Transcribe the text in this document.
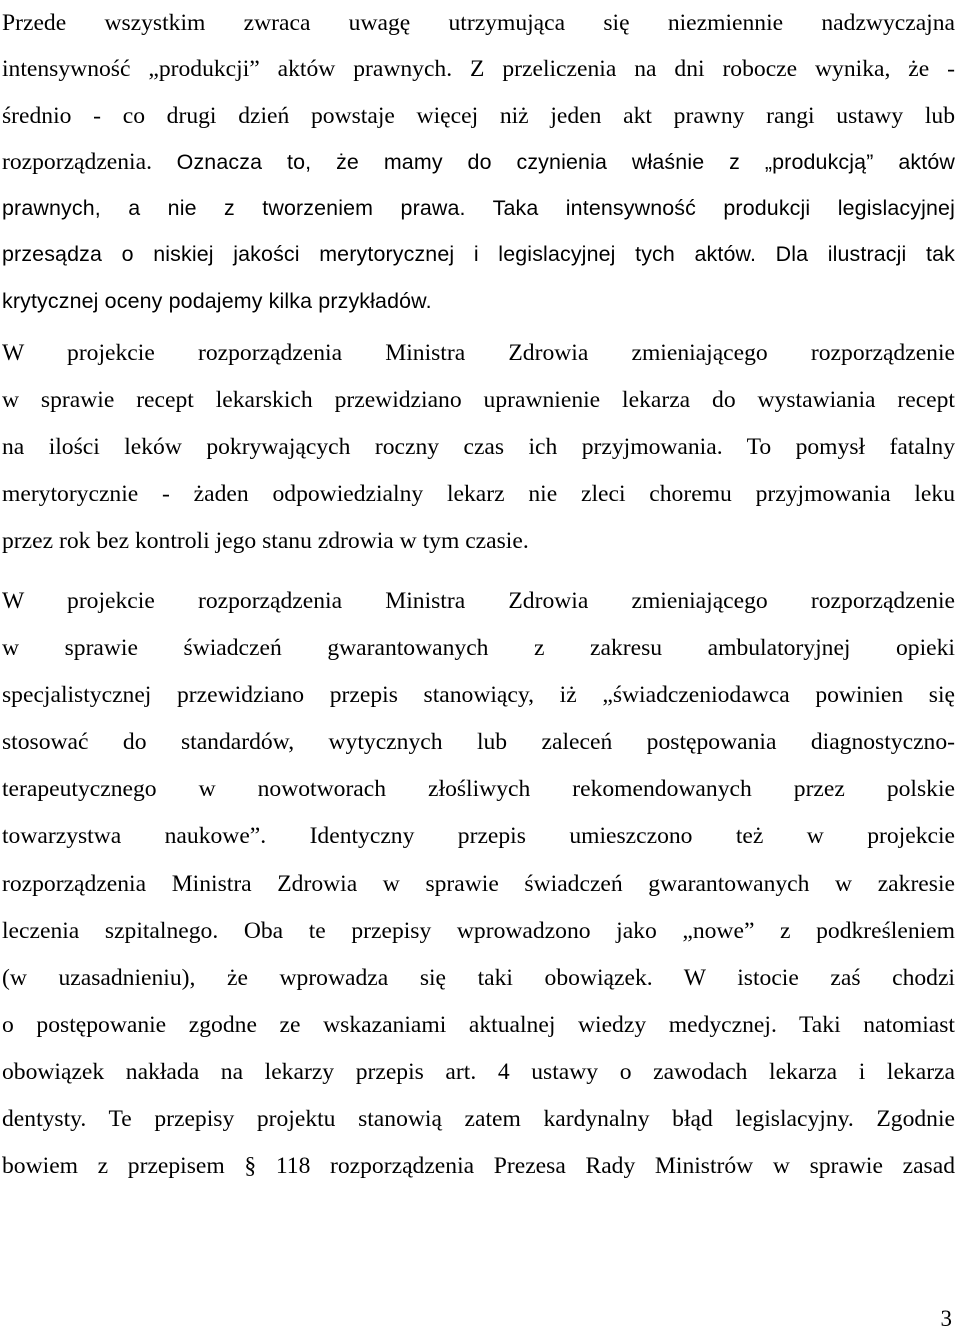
Przede wszystkim zwraca uwagę utrzymująca się niezmiennie nadzwyczajna
intensywność „produkcji” aktów prawnych. Z przeliczenia na dni robocze wynika, że -
średnio - co drugi dzień powstaje więcej niż jeden akt prawny rangi ustawy lub
rozporządzenia. Oznacza to, że mamy do czynienia właśnie z „produkcją” aktów
prawnych, a nie z tworzeniem prawa. Taka intensywność produkcji legislacyjnej
przesądza o niskiej jakości merytorycznej i legislacyjnej tych aktów. Dla ilustracji tak
krytycznej oceny podajemy kilka przykładów.
W projekcie rozporządzenia Ministra Zdrowia zmieniającego rozporządzenie
w sprawie recept lekarskich przewidziano uprawnienie lekarza do wystawiania recept
na ilości leków pokrywających roczny czas ich przyjmowania. To pomysł fatalny
merytorycznie - żaden odpowiedzialny lekarz nie zleci choremu przyjmowania leku
przez rok bez kontroli jego stanu zdrowia w tym czasie.
W projekcie rozporządzenia Ministra Zdrowia zmieniającego rozporządzenie
w sprawie świadczeń gwarantowanych z zakresu ambulatoryjnej opieki
specjalistycznej przewidziano przepis stanowiący, iż „świadczeniodawca powinien się
stosować do standardów, wytycznych lub zaleceń postępowania diagnostyczno-
terapeutycznego w nowotworach złośliwych rekomendowanych przez polskie
towarzystwa naukowe”. Identyczny przepis umieszczono też w projekcie
rozporządzenia Ministra Zdrowia w sprawie świadczeń gwarantowanych w zakresie
leczenia szpitalnego. Oba te przepisy wprowadzono jako „nowe” z podkreśleniem
(w uzasadnieniu), że wprowadza się taki obowiązek. W istocie zaś chodzi
o postępowanie zgodne ze wskazaniami aktualnej wiedzy medycznej. Taki natomiast
obowiązek nakłada na lekarzy przepis art. 4 ustawy o zawodach lekarza i lekarza
dentysty. Te przepisy projektu stanowią zatem kardynalny błąd legislacyjny. Zgodnie
bowiem z przepisem § 118 rozporządzenia Prezesa Rady Ministrów w sprawie zasad
3
